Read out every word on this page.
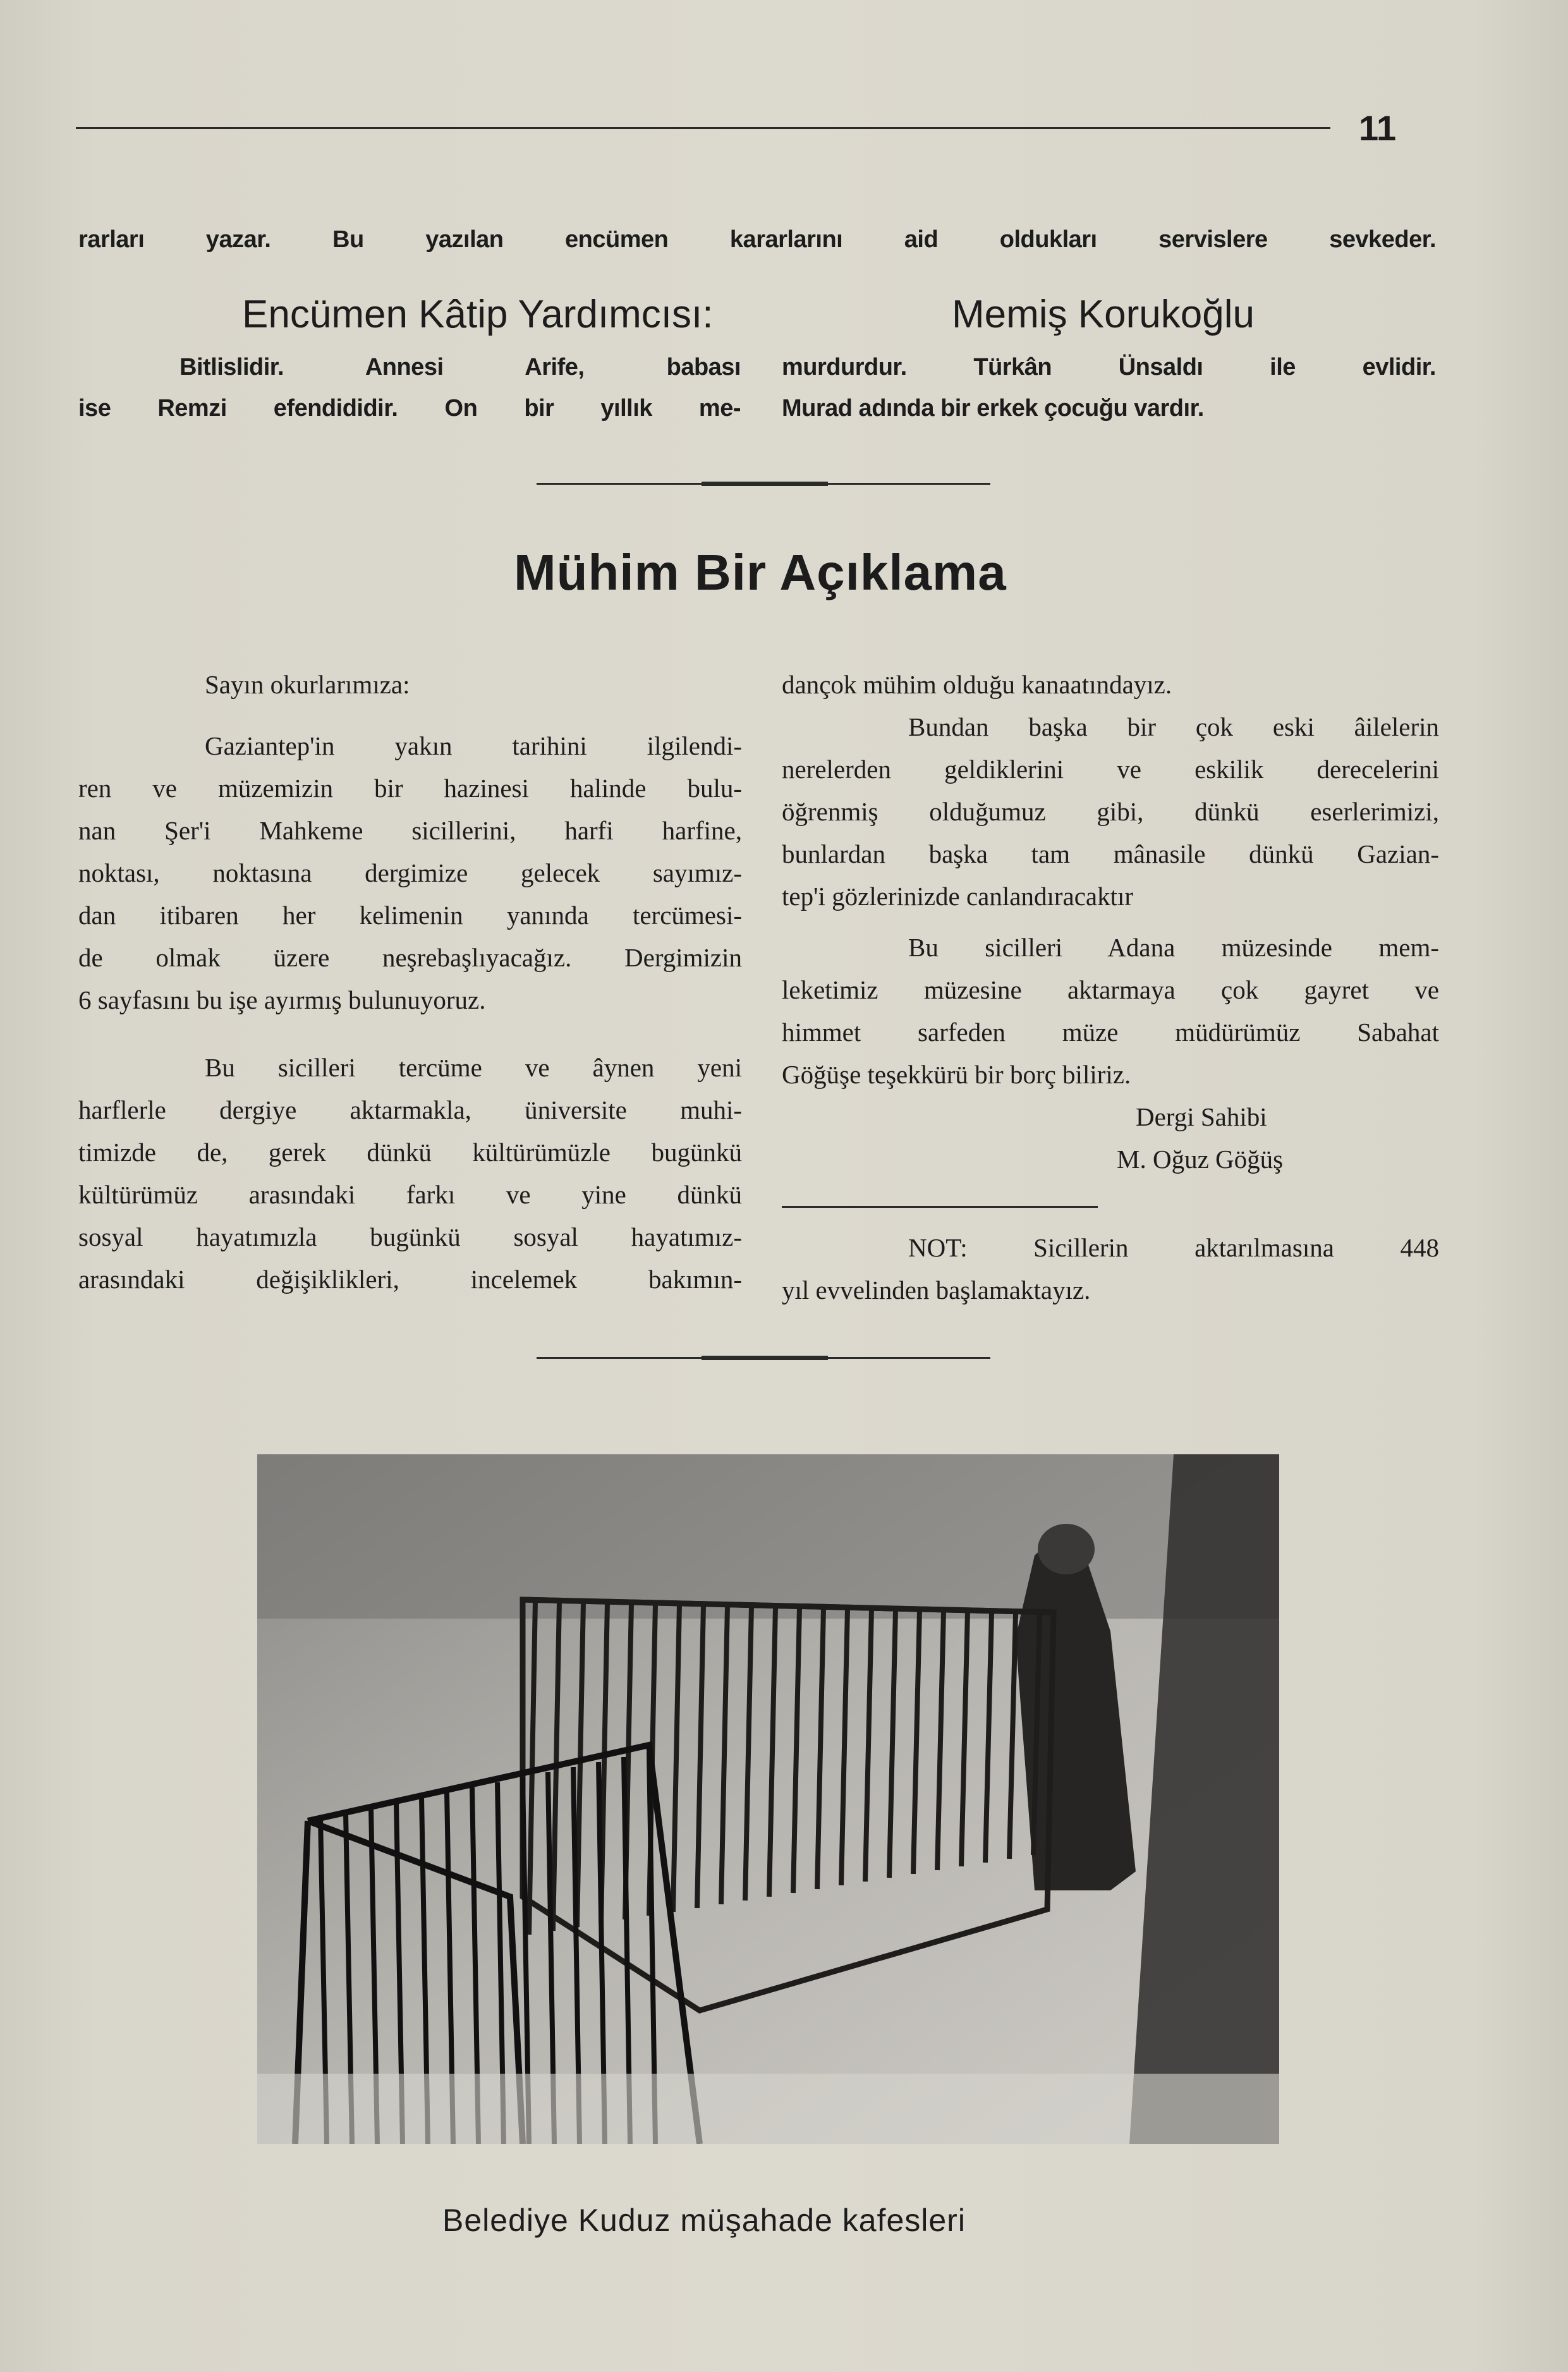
11
rarları yazar. Bu yazılan encümen kararlarını aid oldukları servislere sevkeder.
Encümen Kâtip Yardımcısı:	Memiş Korukoğlu
Bitlislidir. Annesi Arife, babası
ise Remzi efendididir. On bir yıllık me-
murdurdur. Türkân Ünsaldı ile evlidir.
Murad adında bir erkek çocuğu vardır.
Mühim Bir Açıklama
Sayın okurlarımıza:
Gaziantep'in yakın tarihini ilgilendi-
ren ve müzemizin bir hazinesi halinde bulu-
nan Şer'i Mahkeme sicillerini, harfi harfine,
noktası, noktasına dergimize gelecek sayımız-
dan itibaren her kelimenin yanında tercümesi-
de olmak üzere neşrebaşlıyacağız. Dergimizin
6 sayfasını bu işe ayırmış bulunuyoruz.
Bu sicilleri tercüme ve âynen yeni
harflerle dergiye aktarmakla, üniversite muhi-
timizde de, gerek dünkü kültürümüzle bugünkü
kültürümüz arasındaki farkı ve yine dünkü
sosyal hayatımızla bugünkü sosyal hayatımız-
arasındaki değişiklikleri, incelemek bakımın-
dançok mühim olduğu kanaatındayız.
Bundan başka bir çok eski âilelerin
nerelerden geldiklerini ve eskilik derecelerini
öğrenmiş olduğumuz gibi, dünkü eserlerimizi,
bunlardan başka tam mânasile dünkü Gazian-
tep'i gözlerinizde canlandıracaktır
Bu sicilleri Adana müzesinde mem-
leketimiz müzesine aktarmaya çok gayret ve
himmet sarfeden müze müdürümüz Sabahat
Göğüşe teşekkürü bir borç biliriz.
Dergi Sahibi
M. Oğuz Göğüş
NOT: Sicillerin aktarılmasına 448
yıl evvelinden başlamaktayız.
Belediye Kuduz müşahade kafesleri
